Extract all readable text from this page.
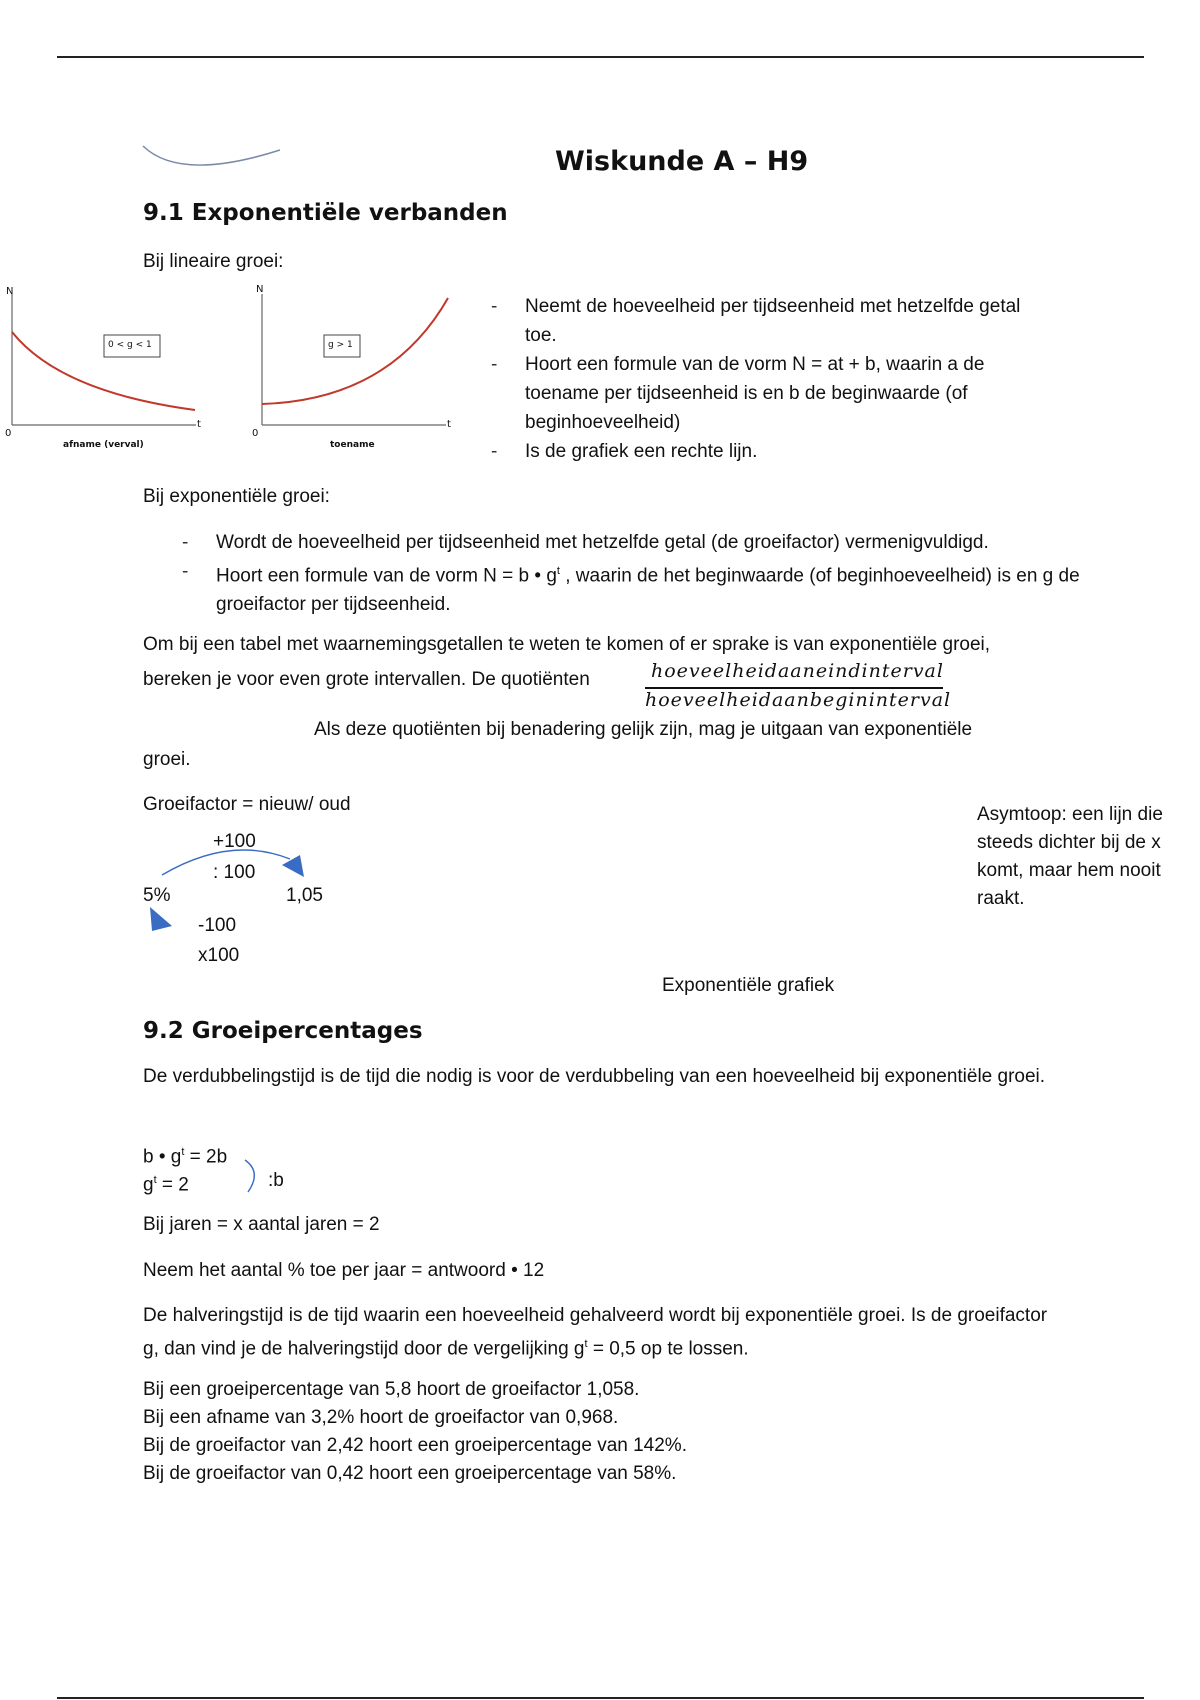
Wiskunde A – H9
9.1 Exponentiële verbanden
Bij lineaire groei:
N
t
0
0 < g < 1
afname (verval)
N
t
0
g > 1
toename
- Neemt de hoeveelheid per tijdseenheid met hetzelfde getal toe.
- Hoort een formule van de vorm N = at + b, waarin a de toename per tijdseenheid is en b de beginwaarde (of beginhoeveelheid)
- Is de grafiek een rechte lijn.
Bij exponentiële groei:
- Wordt de hoeveelheid per tijdseenheid met hetzelfde getal (de groeifactor) vermenigvuldigd.
- Hoort een formule van de vorm N = b • $g^t$ , waarin de het beginwaarde (of beginhoeveelheid) is en g de groeifactor per tijdseenheid.
Om bij een tabel met waarnemingsgetallen te weten te komen of er sprake is van exponentiële groei,
bereken je voor even grote intervallen. De quotiënten	hoeveelheidaaneindinterval
hoeveelheidaanbegininterval
Als deze quotiënten bij benadering gelijk zijn, mag je uitgaan van exponentiële
groei.
Groeifactor = nieuw/ oud
+100
: 100
5%	1,05
-100
x100
Asymtoop: een lijn die steeds dichter bij de x komt, maar hem nooit raakt.
Exponentiële grafiek
9.2 Groeipercentages
De verdubbelingstijd is de tijd die nodig is voor de verdubbeling van een hoeveelheid bij exponentiële groei.
b • $g^t = 2b$
$g^t = 2$	:b
Bij jaren = x aantal jaren = 2
Neem het aantal % toe per jaar = antwoord • 12
De halveringstijd is de tijd waarin een hoeveelheid gehalveerd wordt bij exponentiële groei. Is de groeifactor g, dan vind je de halveringstijd door de vergelijking $g^t = 0,5$ op te lossen.
Bij een groeipercentage van 5,8 hoort de groeifactor 1,058.
Bij een afname van 3,2% hoort de groeifactor van 0,968.
Bij de groeifactor van 2,42 hoort een groeipercentage van 142%.
Bij de groeifactor van 0,42 hoort een groeipercentage van 58%.
